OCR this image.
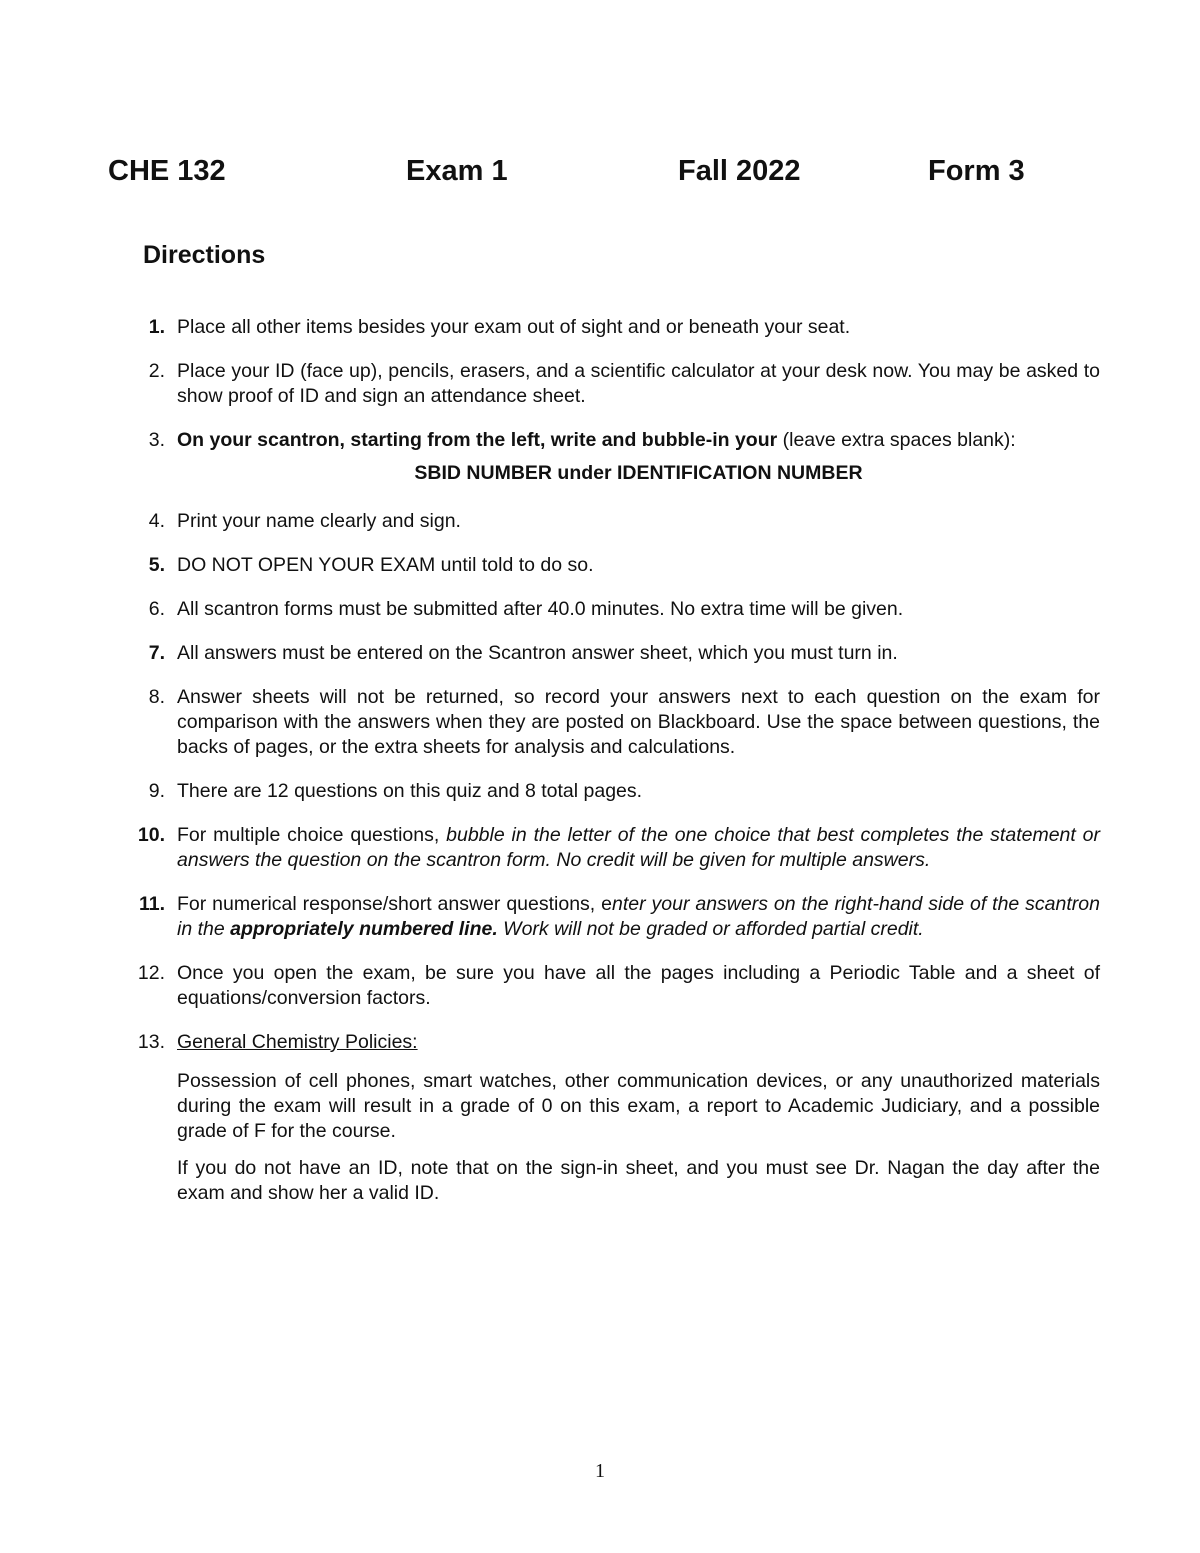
CHE 132	Exam 1	Fall 2022	Form 3
Directions
1. Place all other items besides your exam out of sight and or beneath your seat.
2. Place your ID (face up), pencils, erasers, and a scientific calculator at your desk now. You may be asked to show proof of ID and sign an attendance sheet.
3. On your scantron, starting from the left, write and bubble-in your (leave extra spaces blank):
SBID NUMBER under IDENTIFICATION NUMBER
4. Print your name clearly and sign.
5. DO NOT OPEN YOUR EXAM until told to do so.
6. All scantron forms must be submitted after 40.0 minutes. No extra time will be given.
7. All answers must be entered on the Scantron answer sheet, which you must turn in.
8. Answer sheets will not be returned, so record your answers next to each question on the exam for comparison with the answers when they are posted on Blackboard. Use the space between questions, the backs of pages, or the extra sheets for analysis and calculations.
9. There are 12 questions on this quiz and 8 total pages.
10. For multiple choice questions, bubble in the letter of the one choice that best completes the statement or answers the question on the scantron form. No credit will be given for multiple answers.
11. For numerical response/short answer questions, enter your answers on the right-hand side of the scantron in the appropriately numbered line. Work will not be graded or afforded partial credit.
12. Once you open the exam, be sure you have all the pages including a Periodic Table and a sheet of equations/conversion factors.
13. General Chemistry Policies:
Possession of cell phones, smart watches, other communication devices, or any unauthorized materials during the exam will result in a grade of 0 on this exam, a report to Academic Judiciary, and a possible grade of F for the course.
If you do not have an ID, note that on the sign-in sheet, and you must see Dr. Nagan the day after the exam and show her a valid ID.
1
